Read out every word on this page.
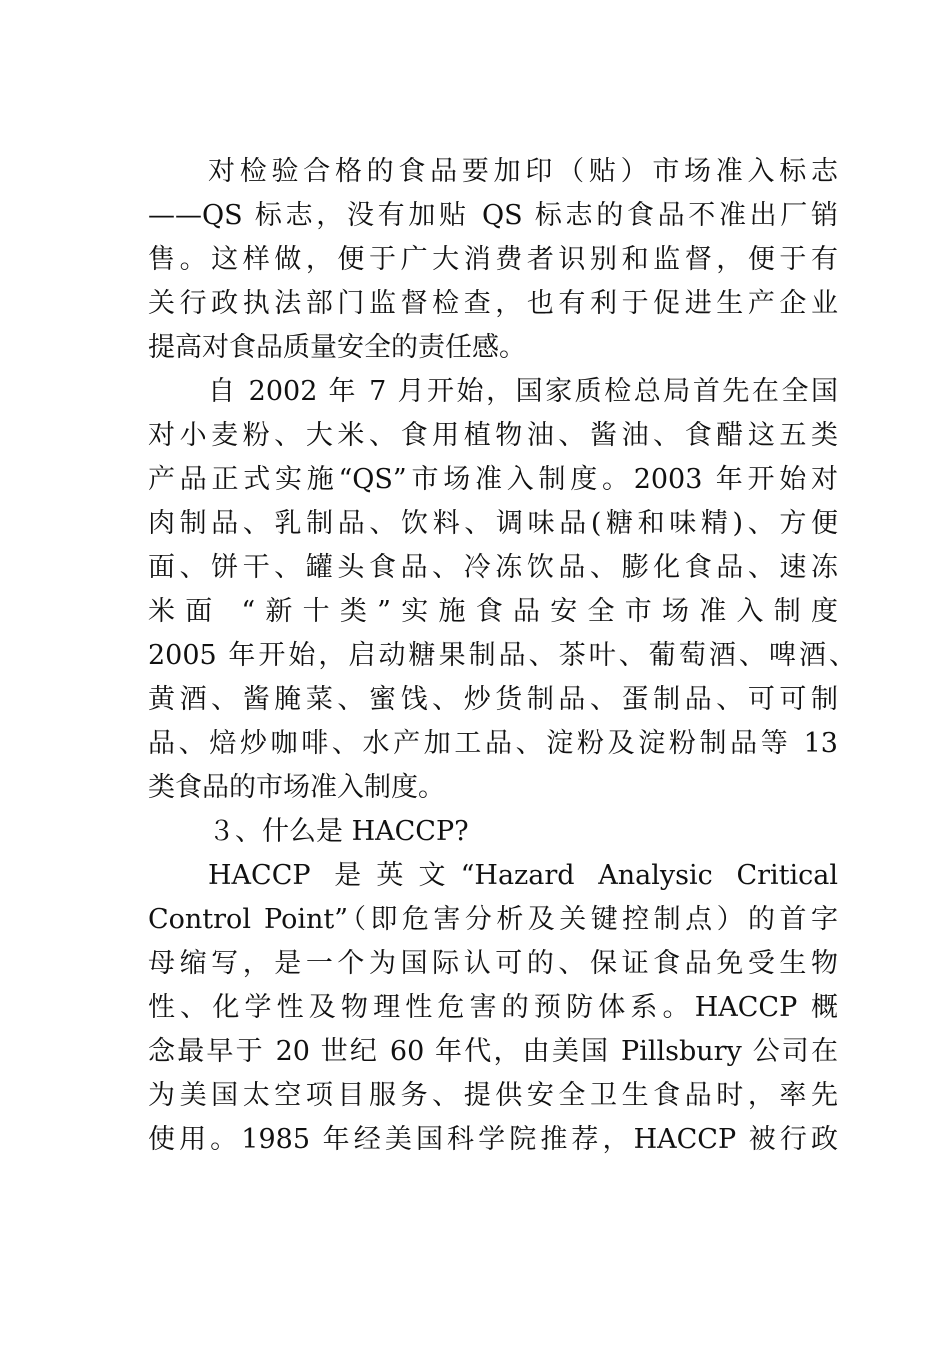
对检验合格的食品要加印（贴）市场准入标志
——QS 标志，没有加贴 QS 标志的食品不准出厂销
售。这样做，便于广大消费者识别和监督，便于有
关行政执法部门监督检查，也有利于促进生产企业
提高对食品质量安全的责任感。
自 2002 年 7 月开始，国家质检总局首先在全国
对小麦粉、大米、食用植物油、酱油、食醋这五类
产品正式实施“QS”市场准入制度。2003 年开始对
肉制品、乳制品、饮料、调味品(糖和味精)、方便
面、饼干、罐头食品、冷冻饮品、膨化食品、速冻
米面 “新十类”实施食品安全市场准入制度
2005 年开始，启动糖果制品、茶叶、葡萄酒、啤酒、
黄酒、酱腌菜、蜜饯、炒货制品、蛋制品、可可制
品、焙炒咖啡、水产加工品、淀粉及淀粉制品等 13
类食品的市场准入制度。
３、什么是 HACCP?
HACCP 是英文“Hazard Analysic Critical
Control Point”（即危害分析及关键控制点）的首字
母缩写，是一个为国际认可的、保证食品免受生物
性、化学性及物理性危害的预防体系。HACCP 概
念最早于 20 世纪 60 年代，由美国 Pillsbury 公司在
为美国太空项目服务、提供安全卫生食品时，率先
使用。1985 年经美国科学院推荐，HACCP 被行政
